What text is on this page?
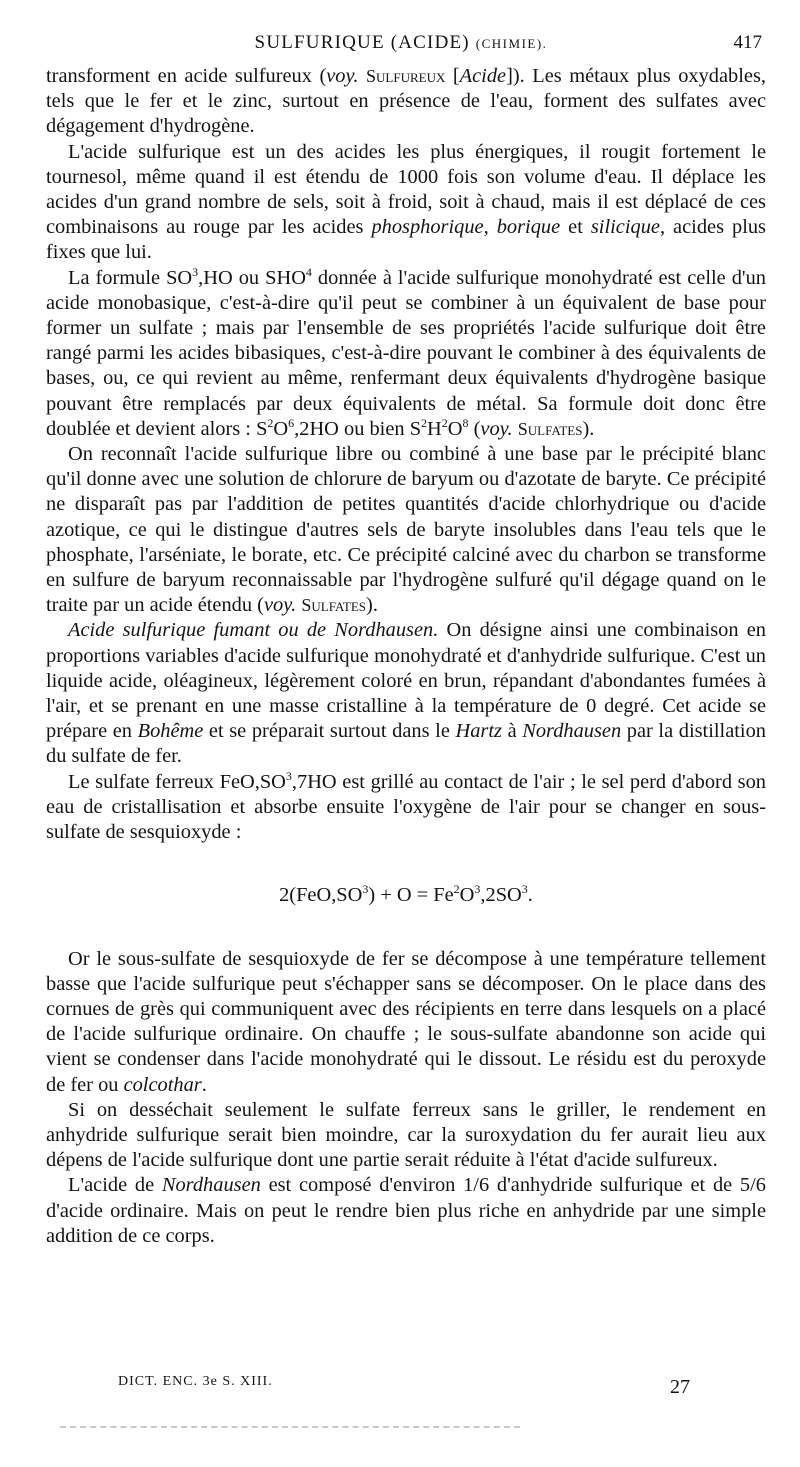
SULFURIQUE (ACIDE) (CHIMIE).	417

transforment en acide sulfureux (voy. Sulfureux [Acide]). Les métaux plus oxydables, tels que le fer et le zinc, surtout en présence de l'eau, forment des sulfates avec dégagement d'hydrogène.

L'acide sulfurique est un des acides les plus énergiques, il rougit fortement le tournesol, même quand il est étendu de 1000 fois son volume d'eau. Il déplace les acides d'un grand nombre de sels, soit à froid, soit à chaud, mais il est déplacé de ces combinaisons au rouge par les acides phosphorique, borique et silicique, acides plus fixes que lui.

La formule $SO^3,HO$ ou SHO$^4$ donnée à l'acide sulfurique monohydraté est celle d'un acide monobasique, c'est-à-dire qu'il peut se combiner à un équivalent de base pour former un sulfate ; mais par l'ensemble de ses propriétés l'acide sulfurique doit être rangé parmi les acides bibasiques, c'est-à-dire pouvant le combiner à des équivalents de bases, ou, ce qui revient au même, renfermant deux équivalents d'hydrogène basique pouvant être remplacés par deux équivalents de métal. Sa formule doit donc être doublée et devient alors : $S^2O^6,2HO$ ou bien $S^2H^2O^8$ (voy. Sulfates).

On reconnaît l'acide sulfurique libre ou combiné à une base par le précipité blanc qu'il donne avec une solution de chlorure de baryum ou d'azotate de baryte. Ce précipité ne disparaît pas par l'addition de petites quantités d'acide chlorhydrique ou d'acide azotique, ce qui le distingue d'autres sels de baryte insolubles dans l'eau tels que le phosphate, l'arséniate, le borate, etc. Ce précipité calciné avec du charbon se transforme en sulfure de baryum reconnaissable par l'hydrogène sulfuré qu'il dégage quand on le traite par un acide étendu (voy. Sulfates).

Acide sulfurique fumant ou de Nordhausen. On désigne ainsi une combinaison en proportions variables d'acide sulfurique monohydraté et d'anhydride sulfurique. C'est un liquide acide, oléagineux, légèrement coloré en brun, répandant d'abondantes fumées à l'air, et se prenant en une masse cristalline à la température de 0 degré. Cet acide se prépare en Bohême et se préparait surtout dans le Hartz à Nordhausen par la distillation du sulfate de fer.

Le sulfate ferreux $FeO,SO^3,7HO$ est grillé au contact de l'air ; le sel perd d'abord son eau de cristallisation et absorbe ensuite l'oxygène de l'air pour se changer en sous-sulfate de sesquioxyde :

$2(FeO,SO^3) + O = Fe^2O^3,2SO^3$.

Or le sous-sulfate de sesquioxyde de fer se décompose à une température tellement basse que l'acide sulfurique peut s'échapper sans se décomposer. On le place dans des cornues de grès qui communiquent avec des récipients en terre dans lesquels on a placé de l'acide sulfurique ordinaire. On chauffe ; le sous-sulfate abandonne son acide qui vient se condenser dans l'acide monohydraté qui le dissout. Le résidu est du peroxyde de fer ou colcothar.

Si on desséchait seulement le sulfate ferreux sans le griller, le rendement en anhydride sulfurique serait bien moindre, car la suroxydation du fer aurait lieu aux dépens de l'acide sulfurique dont une partie serait réduite à l'état d'acide sulfureux.

L'acide de Nordhausen est composé d'environ 1/6 d'anhydride sulfurique et de 5/6 d'acide ordinaire. Mais on peut le rendre bien plus riche en anhydride par une simple addition de ce corps.

DICT. ENC. 3e S. XIII.	27
